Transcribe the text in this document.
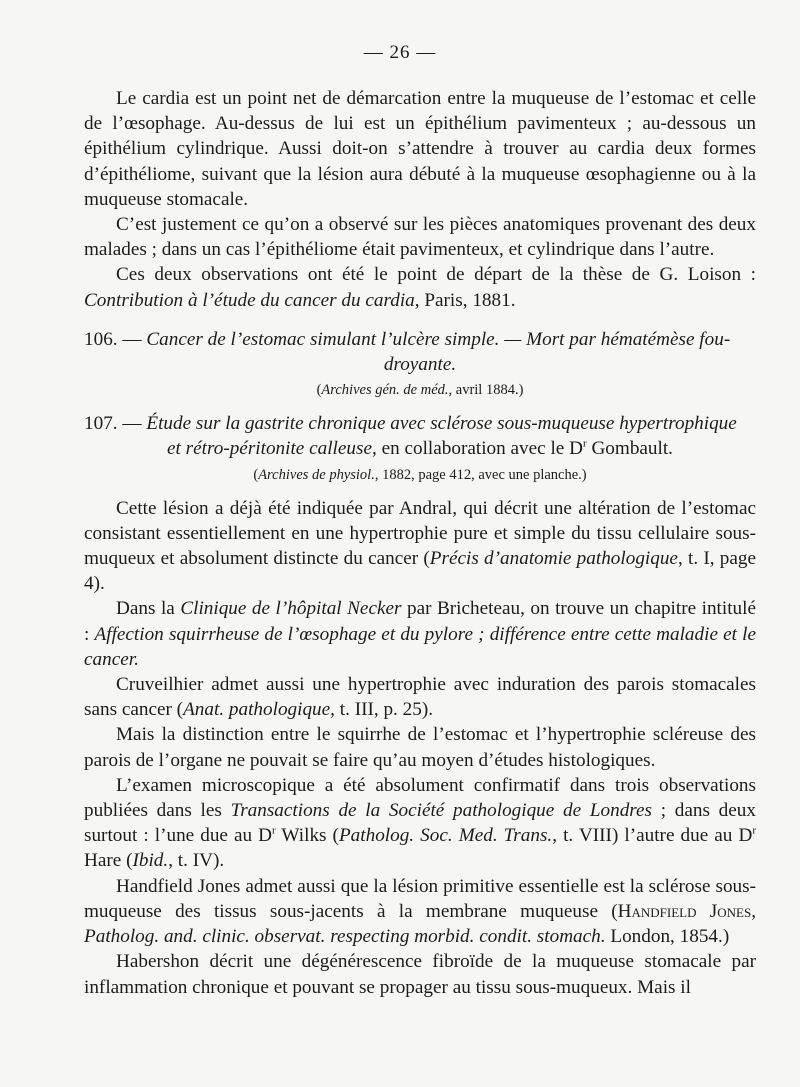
— 26 —

Le cardia est un point net de démarcation entre la muqueuse de l’estomac et celle de l’œsophage. Au-dessus de lui est un épithélium pavimenteux ; au-dessous un épithélium cylindrique. Aussi doit-on s’attendre à trouver au cardia deux formes d’épithéliome, suivant que la lésion aura débuté à la muqueuse œsophagienne ou à la muqueuse stomacale.

C’est justement ce qu’on a observé sur les pièces anatomiques provenant des deux malades ; dans un cas l’épithéliome était pavimenteux, et cylindrique dans l’autre.

Ces deux observations ont été le point de départ de la thèse de G. Loison : Contribution à l’étude du cancer du cardia, Paris, 1881.

106. — Cancer de l’estomac simulant l’ulcère simple. — Mort par hématémèse fou-
droyante.

(Archives gén. de méd., avril 1884.)

107. — Étude sur la gastrite chronique avec sclérose sous-muqueuse hypertrophique
et rétro-péritonite calleuse, en collaboration avec le $D^r$ Gombault.

(Archives de physiol., 1882, page 412, avec une planche.)

Cette lésion a déjà été indiquée par Andral, qui décrit une altération de l’estomac consistant essentiellement en une hypertrophie pure et simple du tissu cellulaire sous-muqueux et absolument distincte du cancer (Précis d’anatomie pathologique, t. I, page 4).

Dans la Clinique de l’hôpital Necker par Bricheteau, on trouve un chapitre intitulé : Affection squirrheuse de l’œsophage et du pylore ; différence entre cette maladie et le cancer.

Cruveilhier admet aussi une hypertrophie avec induration des parois stomacales sans cancer (Anat. pathologique, t. III, p. 25).

Mais la distinction entre le squirrhe de l’estomac et l’hypertrophie scléreuse des parois de l’organe ne pouvait se faire qu’au moyen d’études histologiques.

L’examen microscopique a été absolument confirmatif dans trois observations publiées dans les Transactions de la Société pathologique de Londres ; dans deux surtout : l’une due au $D^r$ Wilks (Patholog. Soc. Med. Trans., t. VIII) l’autre due au $D^r$ Hare (Ibid., t. IV).

Handfield Jones admet aussi que la lésion primitive essentielle est la sclérose sous-muqueuse des tissus sous-jacents à la membrane muqueuse (Handfield Jones, Patholog. and. clinic. observat. respecting morbid. condit. stomach. London, 1854.)

Habershon décrit une dégénérescence fibroïde de la muqueuse stomacale par inflammation chronique et pouvant se propager au tissu sous-muqueux. Mais il
